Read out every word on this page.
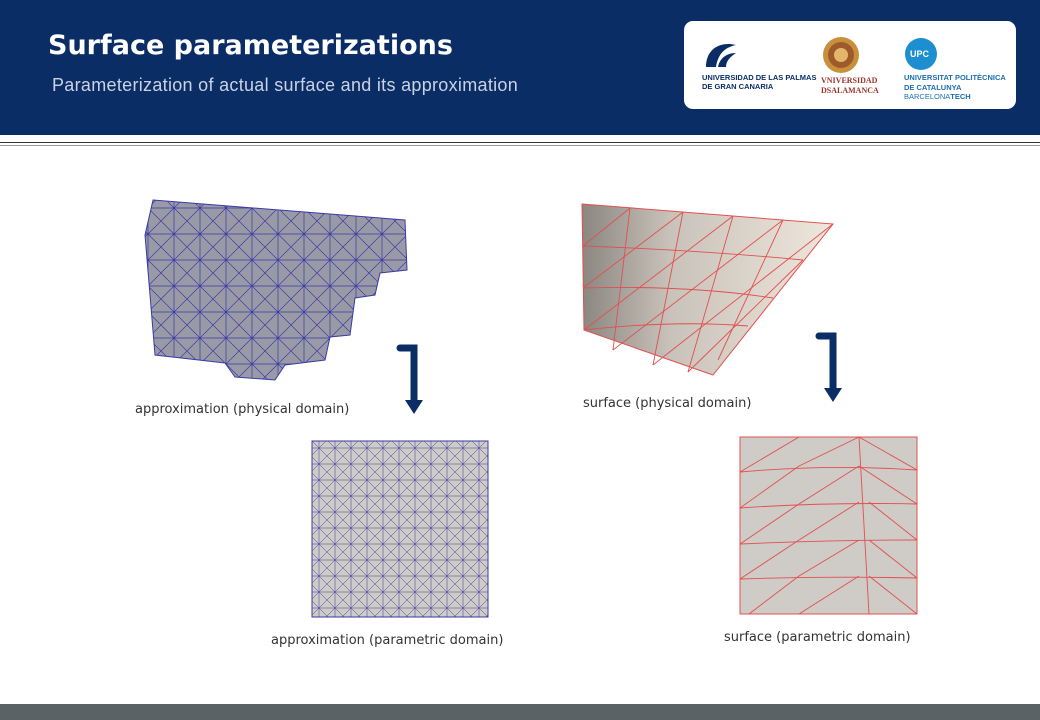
Surface parameterizations
Parameterization of actual surface and its approximation	UNIVERSIDAD DE LAS PALMAS
DE GRAN CANARIA
VNIVERSIDAD
DSALAMANCA
UPC
UNIVERSITAT POLITÈCNICA
DE CATALUNYA
BARCELONATECH
approximation (physical domain)	surface (physical domain)
approximation (parametric domain)	surface (parametric domain)
